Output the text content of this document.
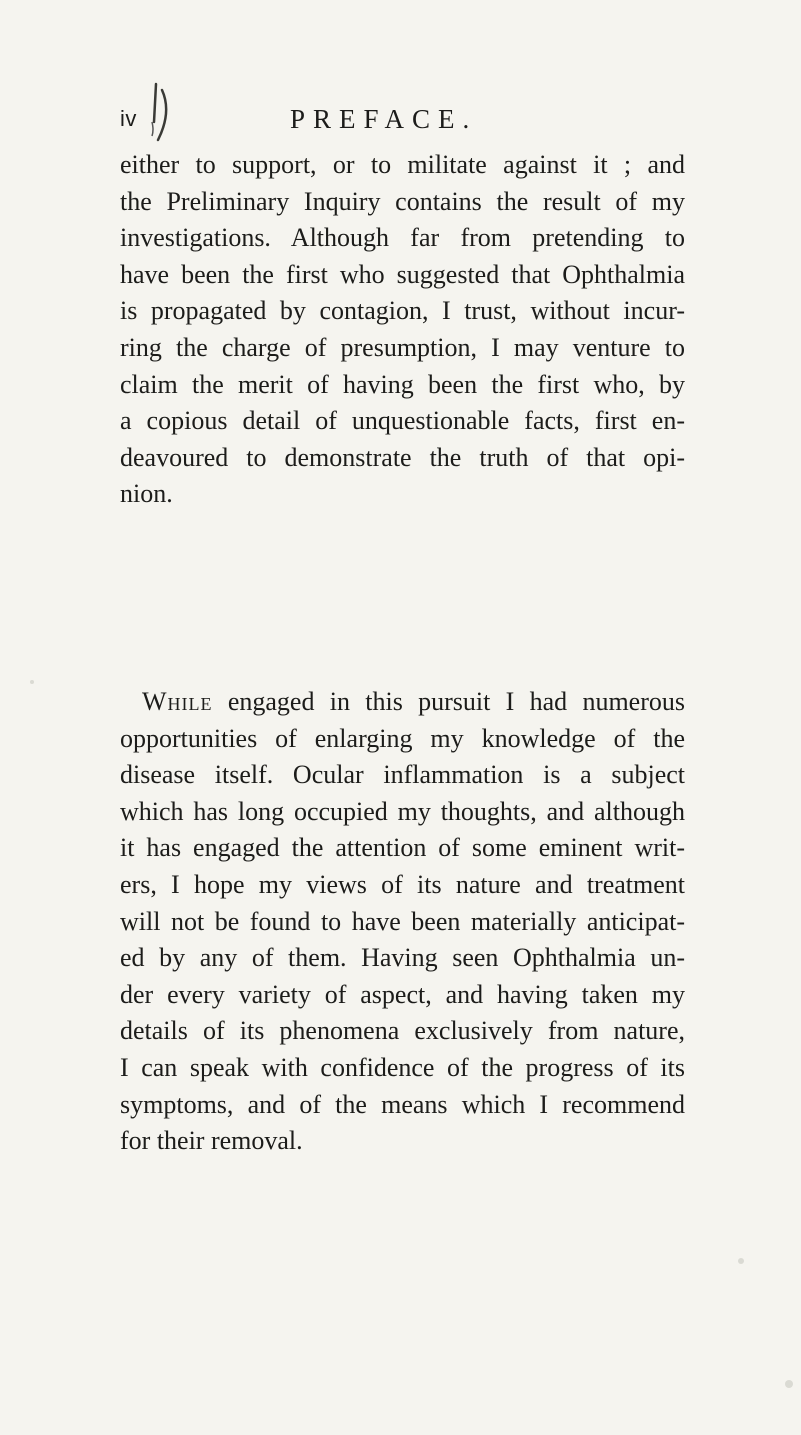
iv	PREFACE.
either to support, or to militate against it ; and
the Preliminary Inquiry contains the result of my
investigations. Although far from pretending to
have been the first who suggested that Ophthalmia
is propagated by contagion, I trust, without incur-
ring the charge of presumption, I may venture to
claim the merit of having been the first who, by
a copious detail of unquestionable facts, first en-
deavoured to demonstrate the truth of that opi-
nion.
While engaged in this pursuit I had numerous
opportunities of enlarging my knowledge of the
disease itself. Ocular inflammation is a subject
which has long occupied my thoughts, and although
it has engaged the attention of some eminent writ-
ers, I hope my views of its nature and treatment
will not be found to have been materially anticipat-
ed by any of them. Having seen Ophthalmia un-
der every variety of aspect, and having taken my
details of its phenomena exclusively from nature,
I can speak with confidence of the progress of its
symptoms, and of the means which I recommend
for their removal.
